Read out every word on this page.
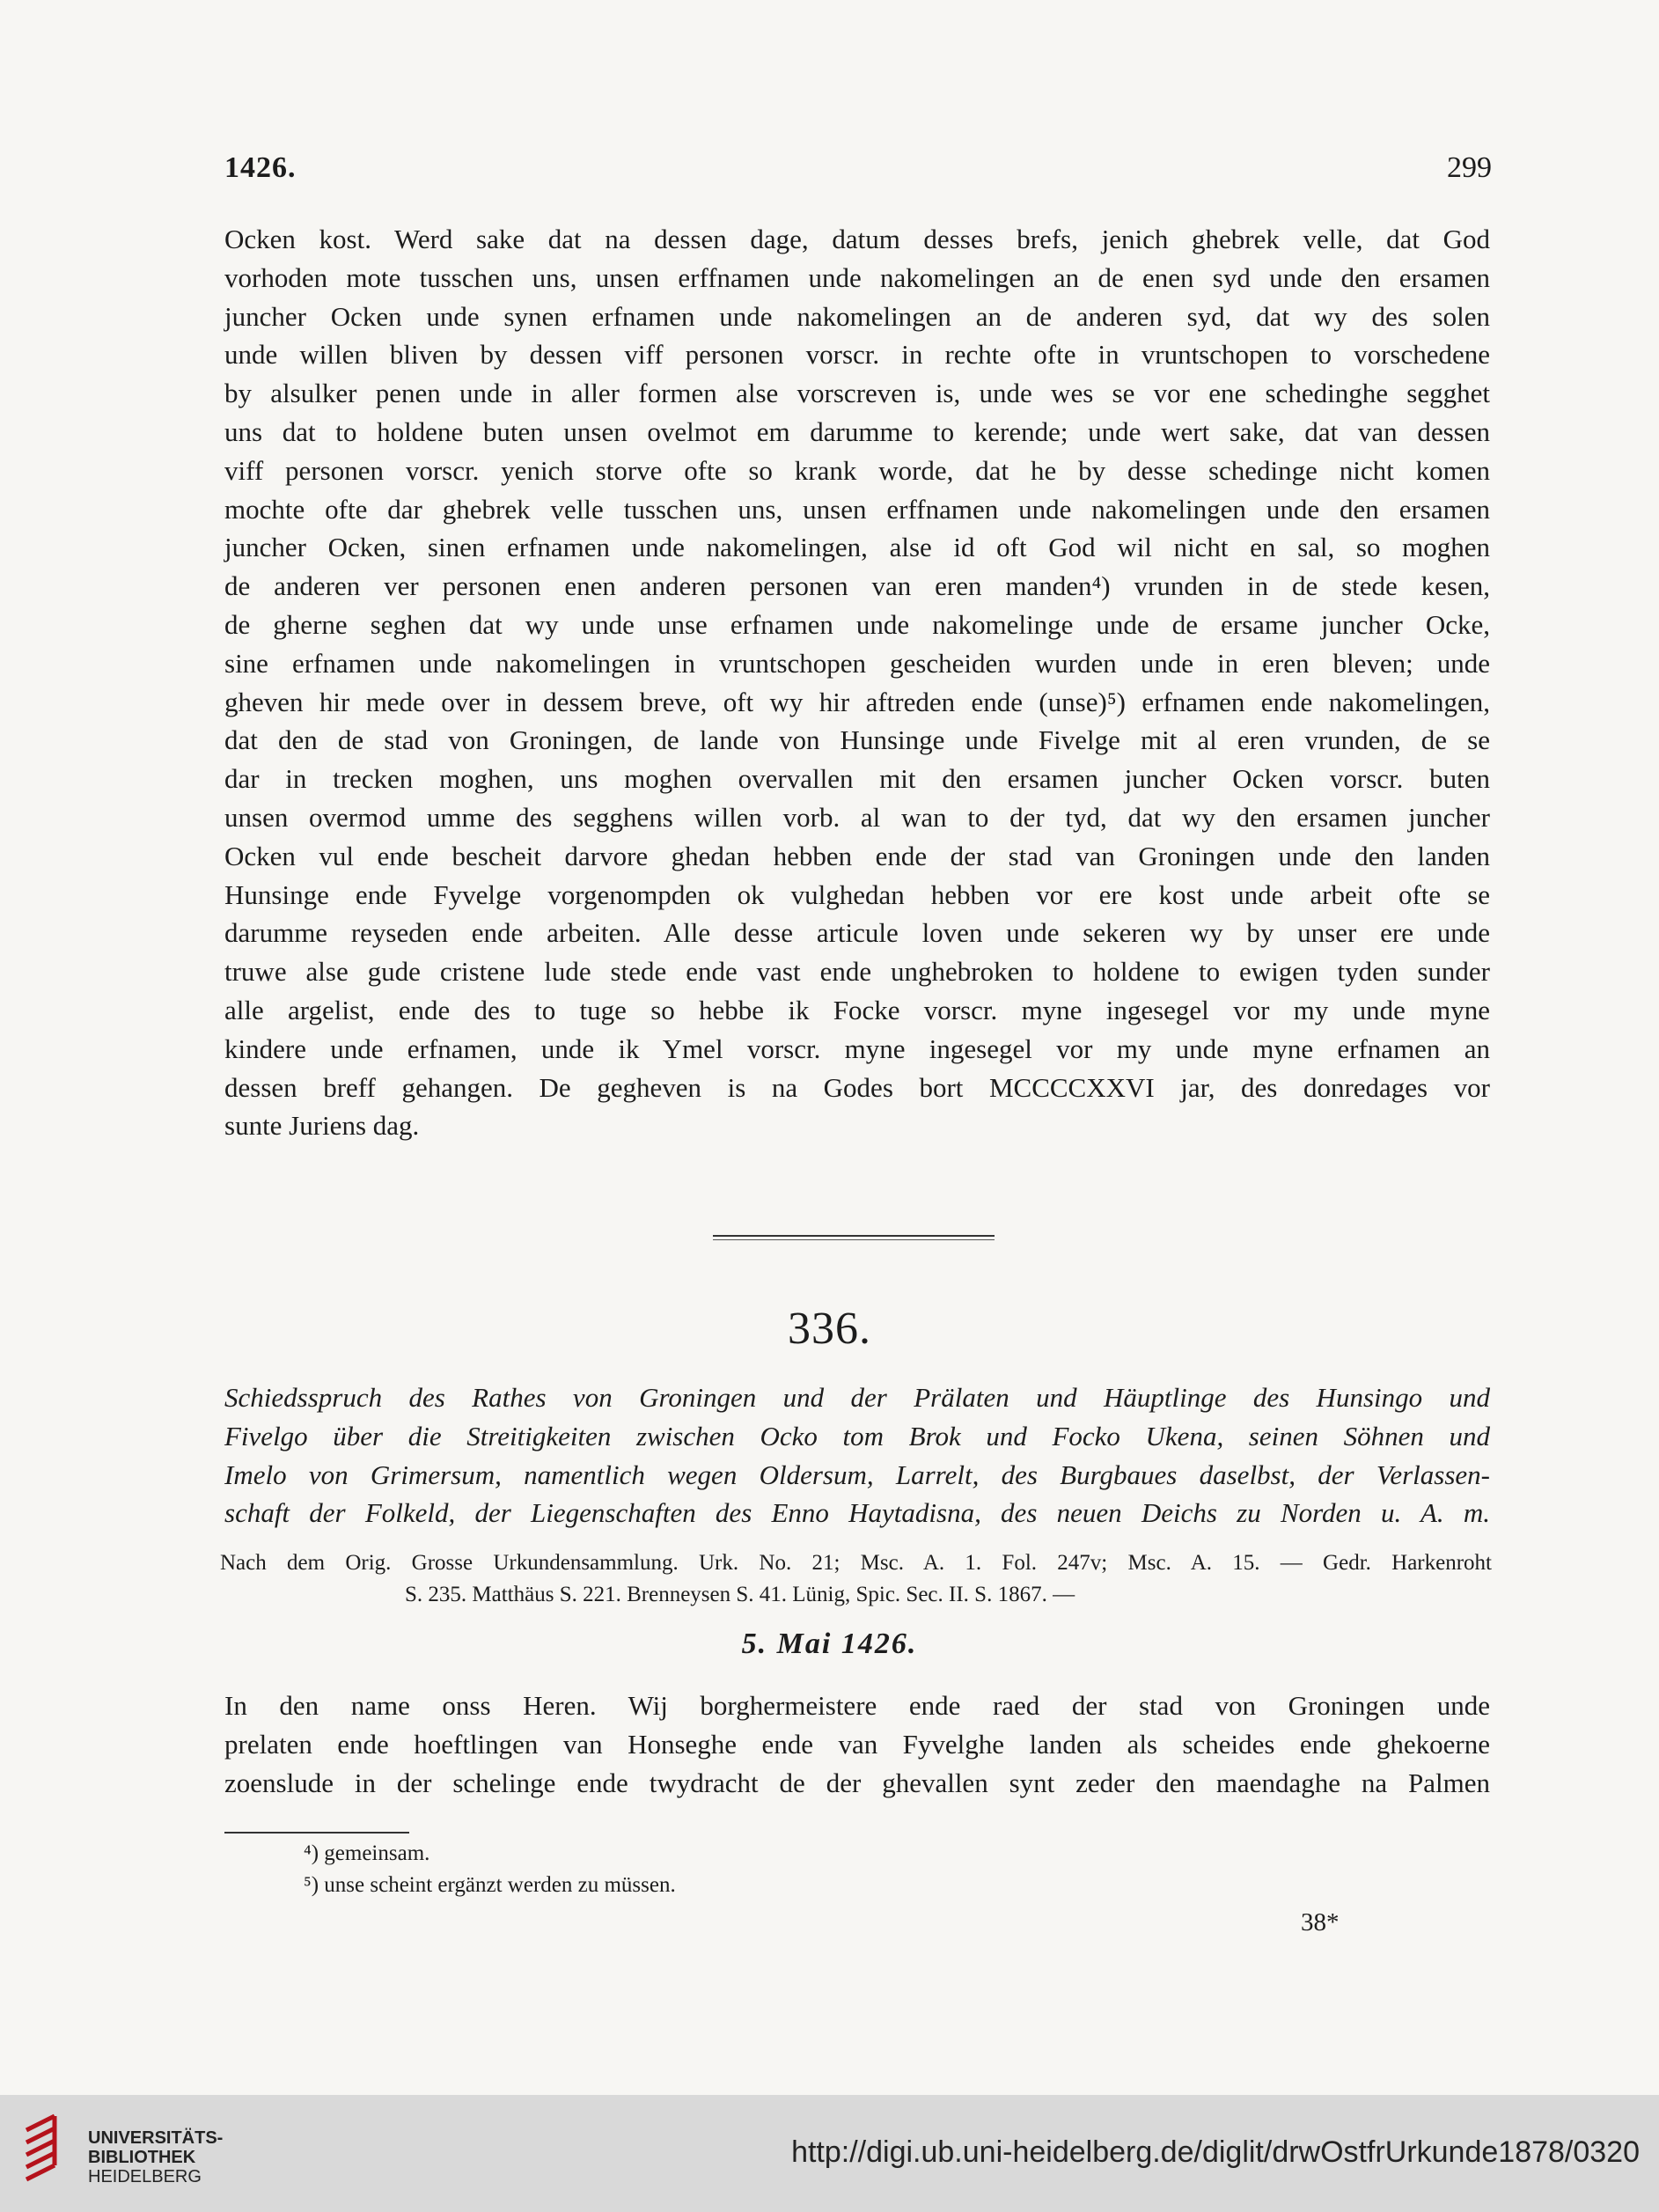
1426.	299
Ocken kost. Werd sake dat na dessen dage, datum desses brefs, jenich ghebrek velle, dat God
vorhoden mote tusschen uns, unsen erffnamen unde nakomelingen an de enen syd unde den ersamen
juncher Ocken unde synen erfnamen unde nakomelingen an de anderen syd, dat wy des solen
unde willen bliven by dessen viff personen vorscr. in rechte ofte in vruntschopen to vorschedene
by alsulker penen unde in aller formen alse vorscreven is, unde wes se vor ene schedinghe segghet
uns dat to holdene buten unsen ovelmot em darumme to kerende; unde wert sake, dat van dessen
viff personen vorscr. yenich storve ofte so krank worde, dat he by desse schedinge nicht komen
mochte ofte dar ghebrek velle tusschen uns, unsen erffnamen unde nakomelingen unde den ersamen
juncher Ocken, sinen erfnamen unde nakomelingen, alse id oft God wil nicht en sal, so moghen
de anderen ver personen enen anderen personen van eren manden⁴) vrunden in de stede kesen,
de gherne seghen dat wy unde unse erfnamen unde nakomelinge unde de ersame juncher Ocke,
sine erfnamen unde nakomelingen in vruntschopen gescheiden wurden unde in eren bleven; unde
gheven hir mede over in dessem breve, oft wy hir aftreden ende (unse)⁵) erfnamen ende nakomelingen,
dat den de stad von Groningen, de lande von Hunsinge unde Fivelge mit al eren vrunden, de se
dar in trecken moghen, uns moghen overvallen mit den ersamen juncher Ocken vorscr. buten
unsen overmod umme des segghens willen vorb. al wan to der tyd, dat wy den ersamen juncher
Ocken vul ende bescheit darvore ghedan hebben ende der stad van Groningen unde den landen
Hunsinge ende Fyvelge vorgenompden ok vulghedan hebben vor ere kost unde arbeit ofte se
darumme reyseden ende arbeiten. Alle desse articule loven unde sekeren wy by unser ere unde
truwe alse gude cristene lude stede ende vast ende unghebroken to holdene to ewigen tyden sunder
alle argelist, ende des to tuge so hebbe ik Focke vorscr. myne ingesegel vor my unde myne
kindere unde erfnamen, unde ik Ymel vorscr. myne ingesegel vor my unde myne erfnamen an
dessen breff gehangen. De gegheven is na Godes bort MCCCCXXVI jar, des donredages vor
sunte Juriens dag.
336.
Schiedsspruch des Rathes von Groningen und der Prälaten und Häuptlinge des Hunsingo und
Fivelgo über die Streitigkeiten zwischen Ocko tom Brok und Focko Ukena, seinen Söhnen und
Imelo von Grimersum, namentlich wegen Oldersum, Larrelt, des Burgbaues daselbst, der Verlassen-
schaft der Folkeld, der Liegenschaften des Enno Haytadisna, des neuen Deichs zu Norden u. A. m.
Nach dem Orig. Grosse Urkundensammlung. Urk. No. 21; Msc. A. 1. Fol. 247v; Msc. A. 15. — Gedr. Harkenroht
S. 235. Matthäus S. 221. Brenneysen S. 41. Lünig, Spic. Sec. II. S. 1867. —
5. Mai 1426.
In den name onss Heren. Wij borghermeistere ende raed der stad von Groningen unde
prelaten ende hoeftlingen van Honseghe ende van Fyvelghe landen als scheides ende ghekoerne
zoenslude in der schelinge ende twydracht de der ghevallen synt zeder den maendaghe na Palmen
⁴) gemeinsam.
⁵) unse scheint ergänzt werden zu müssen.
38*
UNIVERSITÄTS-
BIBLIOTHEK
HEIDELBERG
http://digi.ub.uni-heidelberg.de/diglit/drwOstfrUrkunde1878/0320
